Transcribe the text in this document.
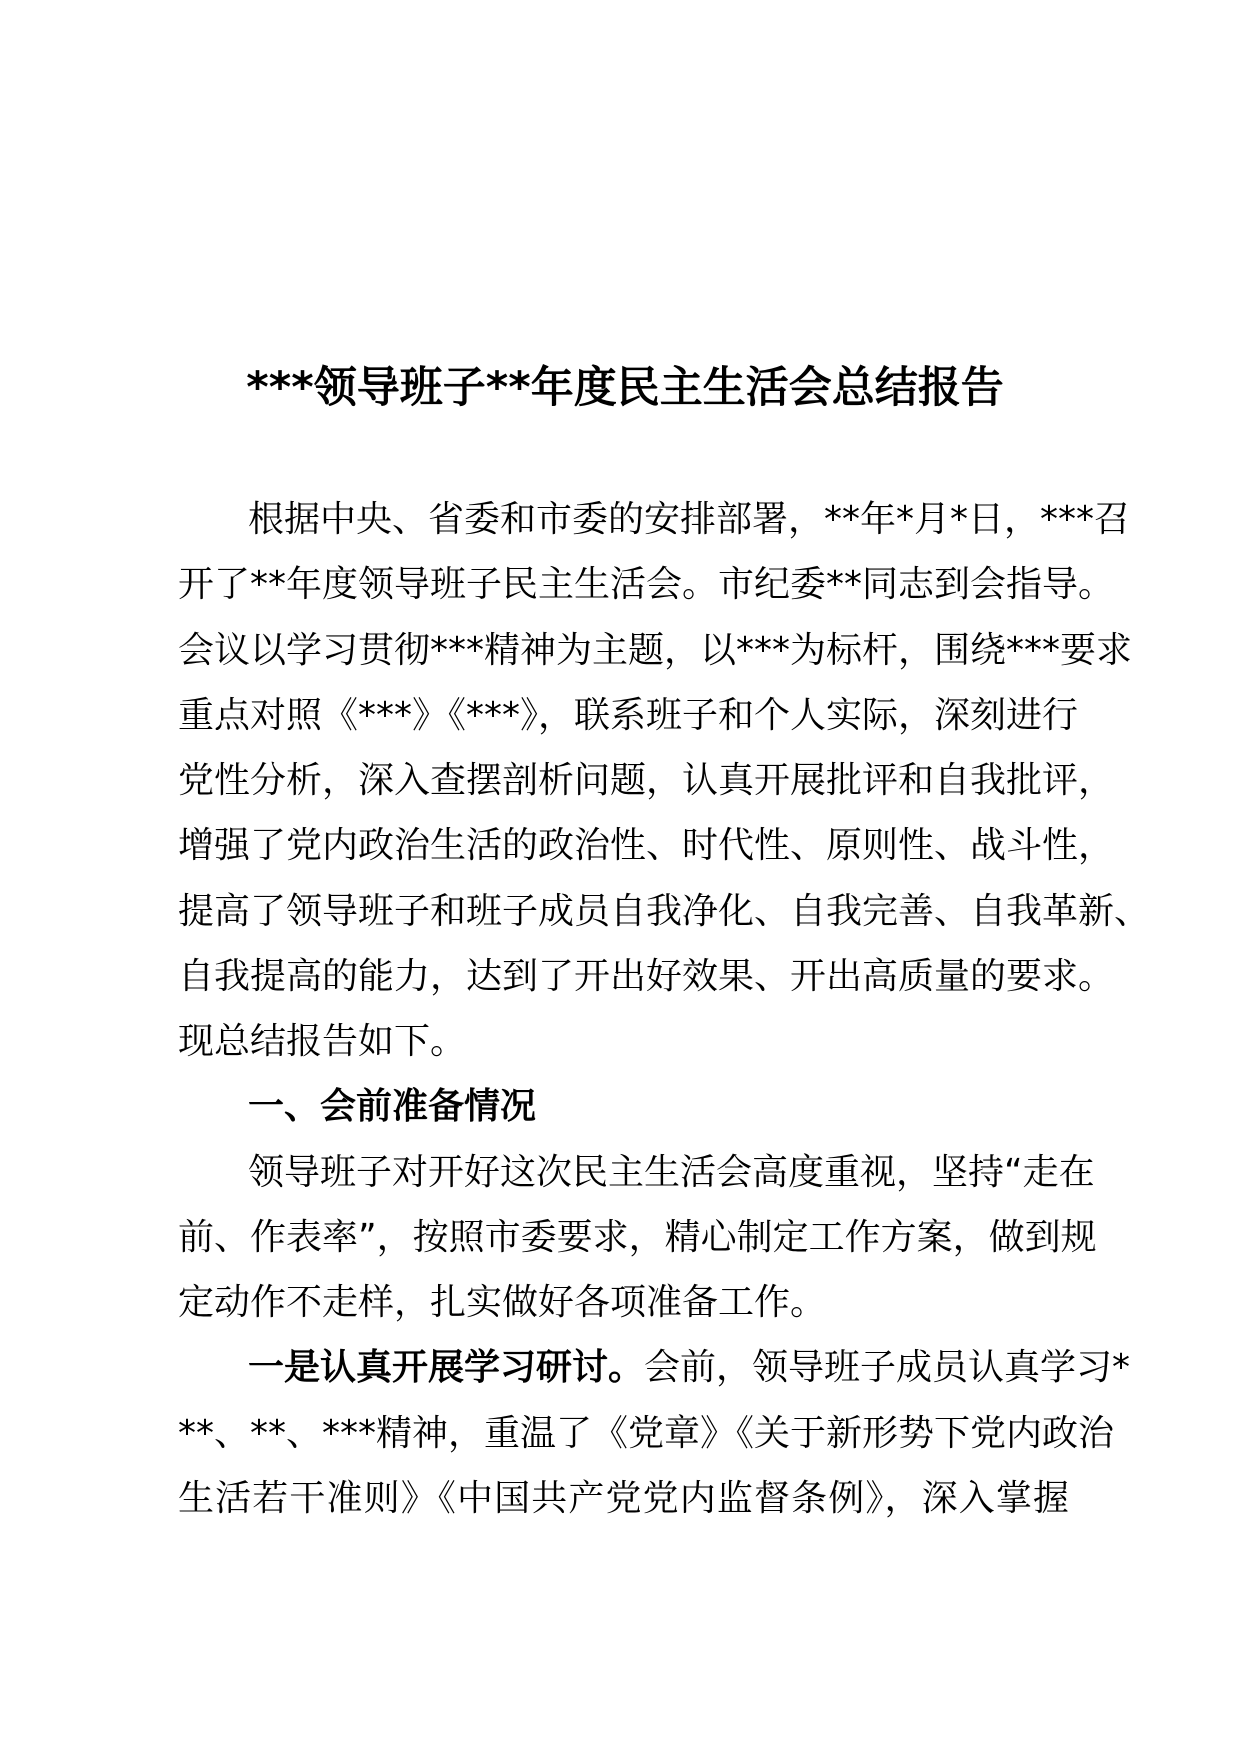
***领导班子**年度民主生活会总结报告
根据中央、省委和市委的安排部署，**年*月*日，***召
开了**年度领导班子民主生活会。市纪委**同志到会指导。
会议以学习贯彻***精神为主题，以***为标杆，围绕***要求
重点对照《***》《***》，联系班子和个人实际，深刻进行
党性分析，深入查摆剖析问题，认真开展批评和自我批评，
增强了党内政治生活的政治性、时代性、原则性、战斗性，
提高了领导班子和班子成员自我净化、自我完善、自我革新、
自我提高的能力，达到了开出好效果、开出高质量的要求。
现总结报告如下。
一、会前准备情况
领导班子对开好这次民主生活会高度重视，坚持“走在
前、作表率”，按照市委要求，精心制定工作方案，做到规
定动作不走样，扎实做好各项准备工作。
一是认真开展学习研讨。会前，领导班子成员认真学习*
**、**、***精神，重温了《党章》《关于新形势下党内政治
生活若干准则》《中国共产党党内监督条例》，深入掌握
